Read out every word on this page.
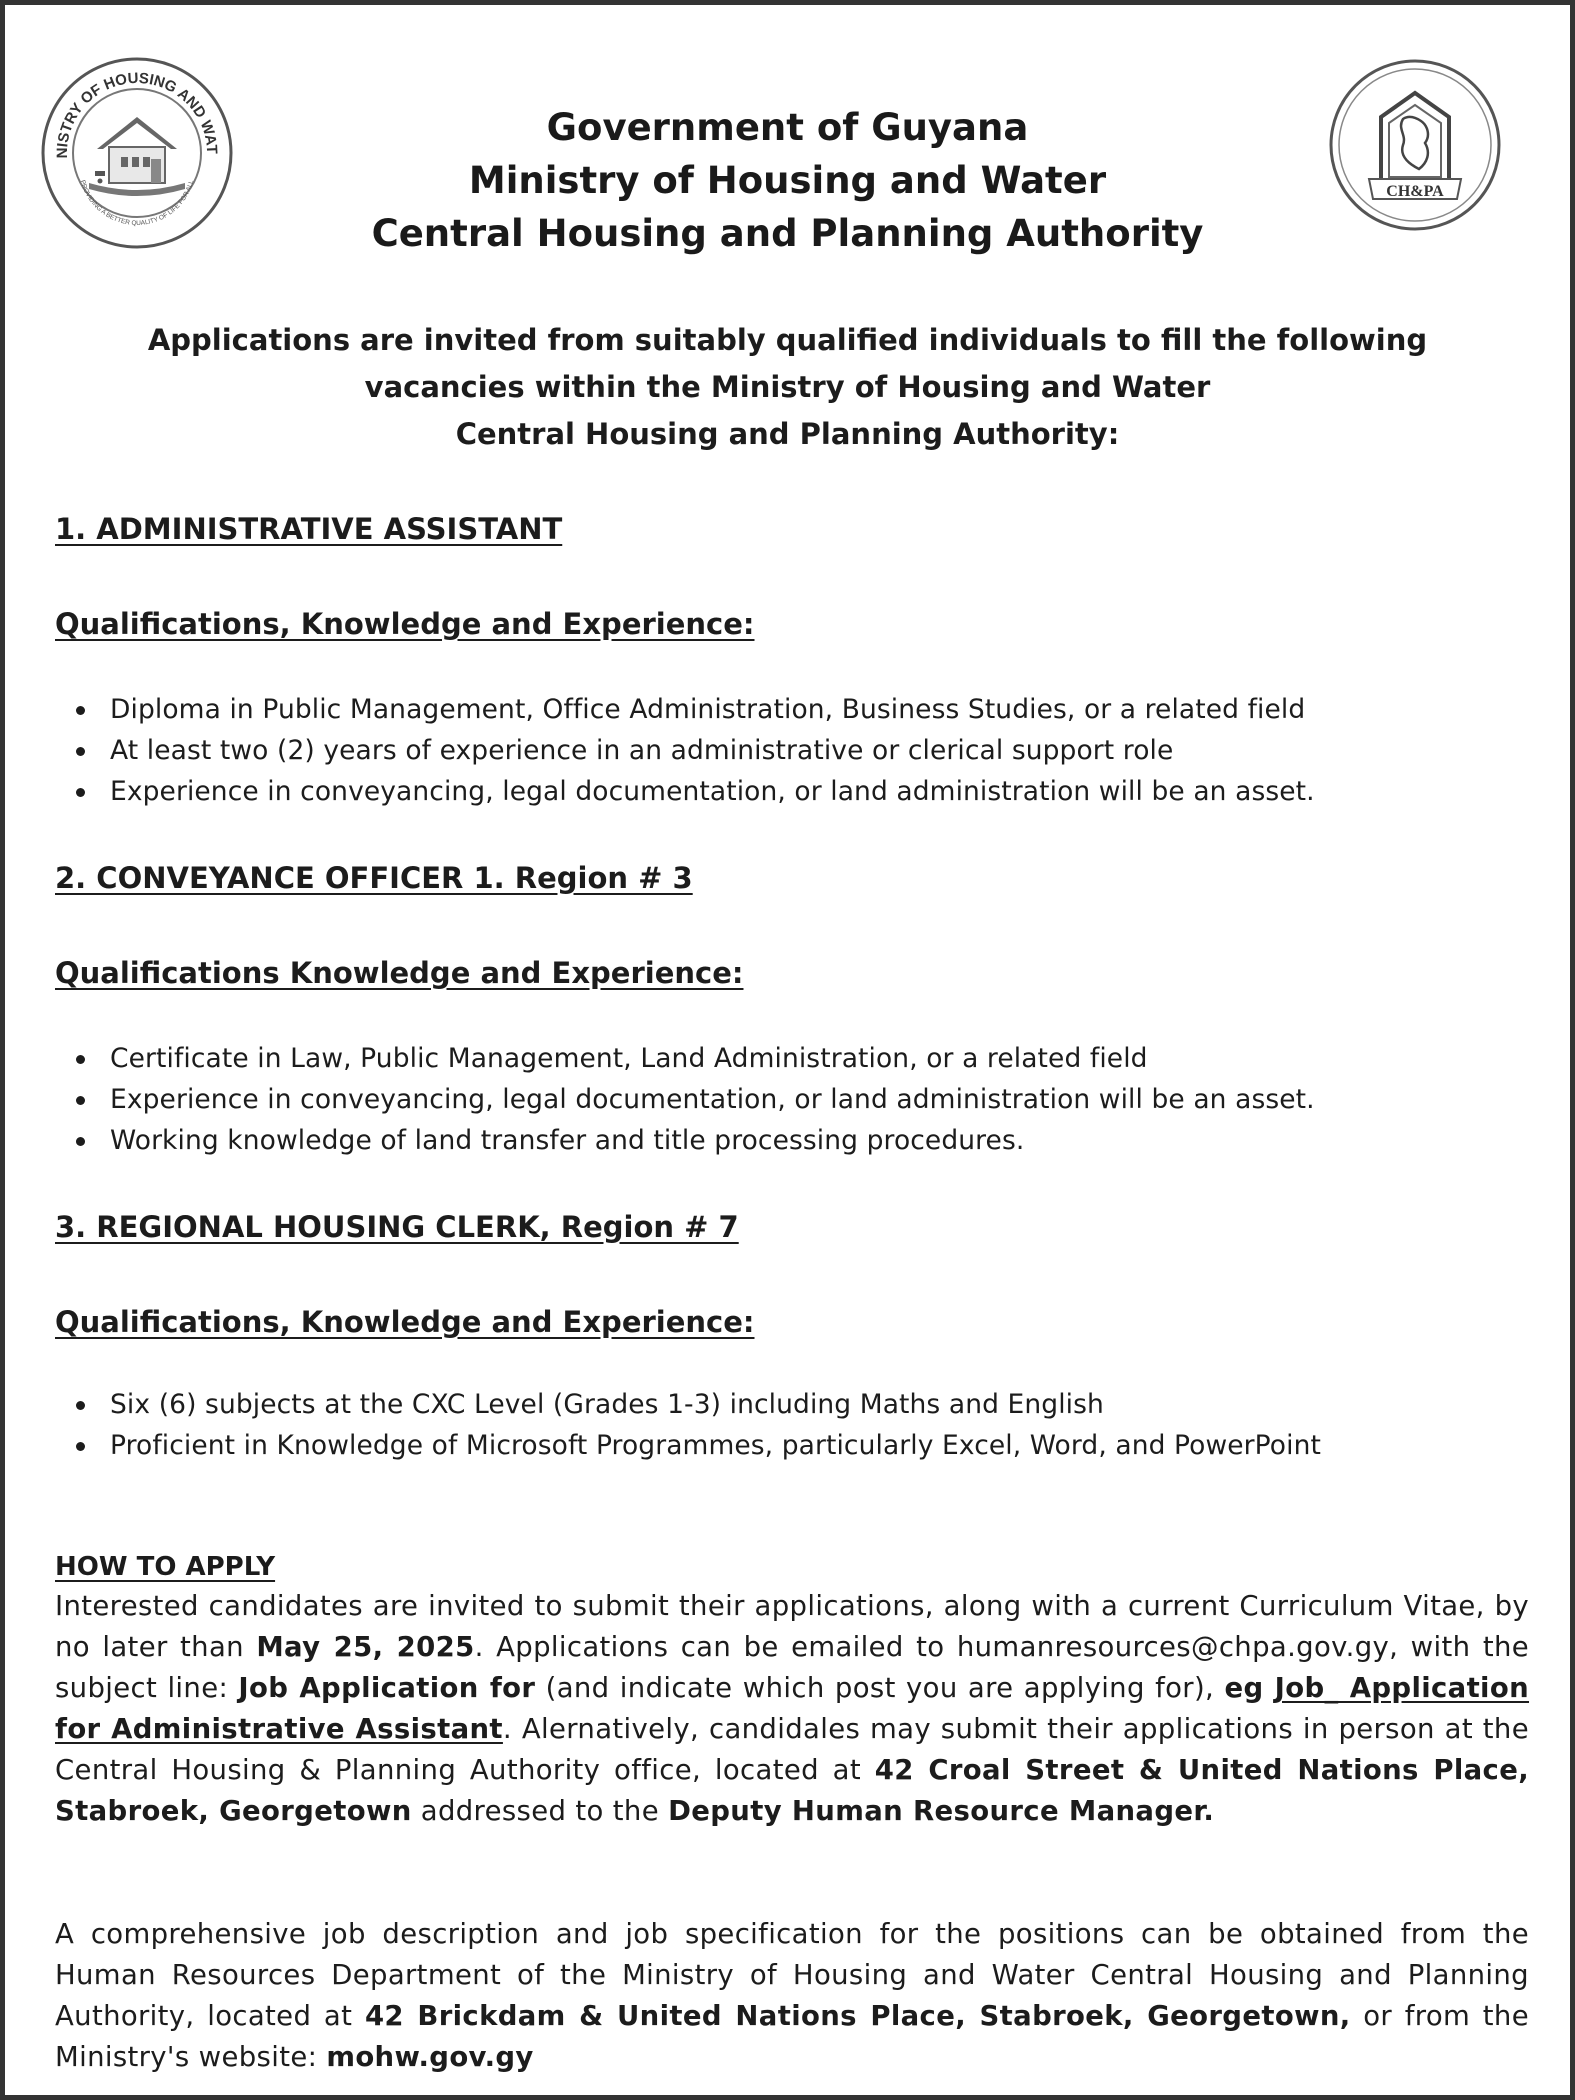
NISTRY OF HOUSING AND WAT
PROVIDING A BETTER QUALITY OF LIFE FOR ALL
CH&PA
Government of Guyana
Ministry of Housing and Water
Central Housing and Planning Authority
Applications are invited from suitably qualified individuals to fill the following
vacancies within the Ministry of Housing and Water
Central Housing and Planning Authority:
1. ADMINISTRATIVE ASSISTANT
Qualifications, Knowledge and Experience:
Diploma in Public Management, Office Administration, Business Studies, or a related field
At least two (2) years of experience in an administrative or clerical support role
Experience in conveyancing, legal documentation, or land administration will be an asset.
2. CONVEYANCE OFFICER 1. Region # 3
Qualifications Knowledge and Experience:
Certificate in Law, Public Management, Land Administration, or a related field
Experience in conveyancing, legal documentation, or land administration will be an asset.
Working knowledge of land transfer and title processing procedures.
3. REGIONAL HOUSING CLERK, Region # 7
Qualifications, Knowledge and Experience:
Six (6) subjects at the CXC Level (Grades 1-3) including Maths and English
Proficient in Knowledge of Microsoft Programmes, particularly Excel, Word, and PowerPoint
HOW TO APPLY
Interested candidates are invited to submit their applications, along with a current Curriculum Vitae, by no later than May 25, 2025. Applications can be emailed to humanresources@chpa.gov.gy, with the subject line: Job Application for (and indicate which post you are applying for), eg Job_ Application for Administrative Assistant. Alernatively, candidales may submit their applications in person at the Central Housing & Planning Authority office, located at 42 Croal Street & United Nations Place, Stabroek, Georgetown addressed to the Deputy Human Resource Manager.
A comprehensive job description and job specification for the positions can be obtained from the Human Resources Department of the Ministry of Housing and Water Central Housing and Planning Authority, located at 42 Brickdam & United Nations Place, Stabroek, Georgetown, or from the Ministry's website: mohw.gov.gy
